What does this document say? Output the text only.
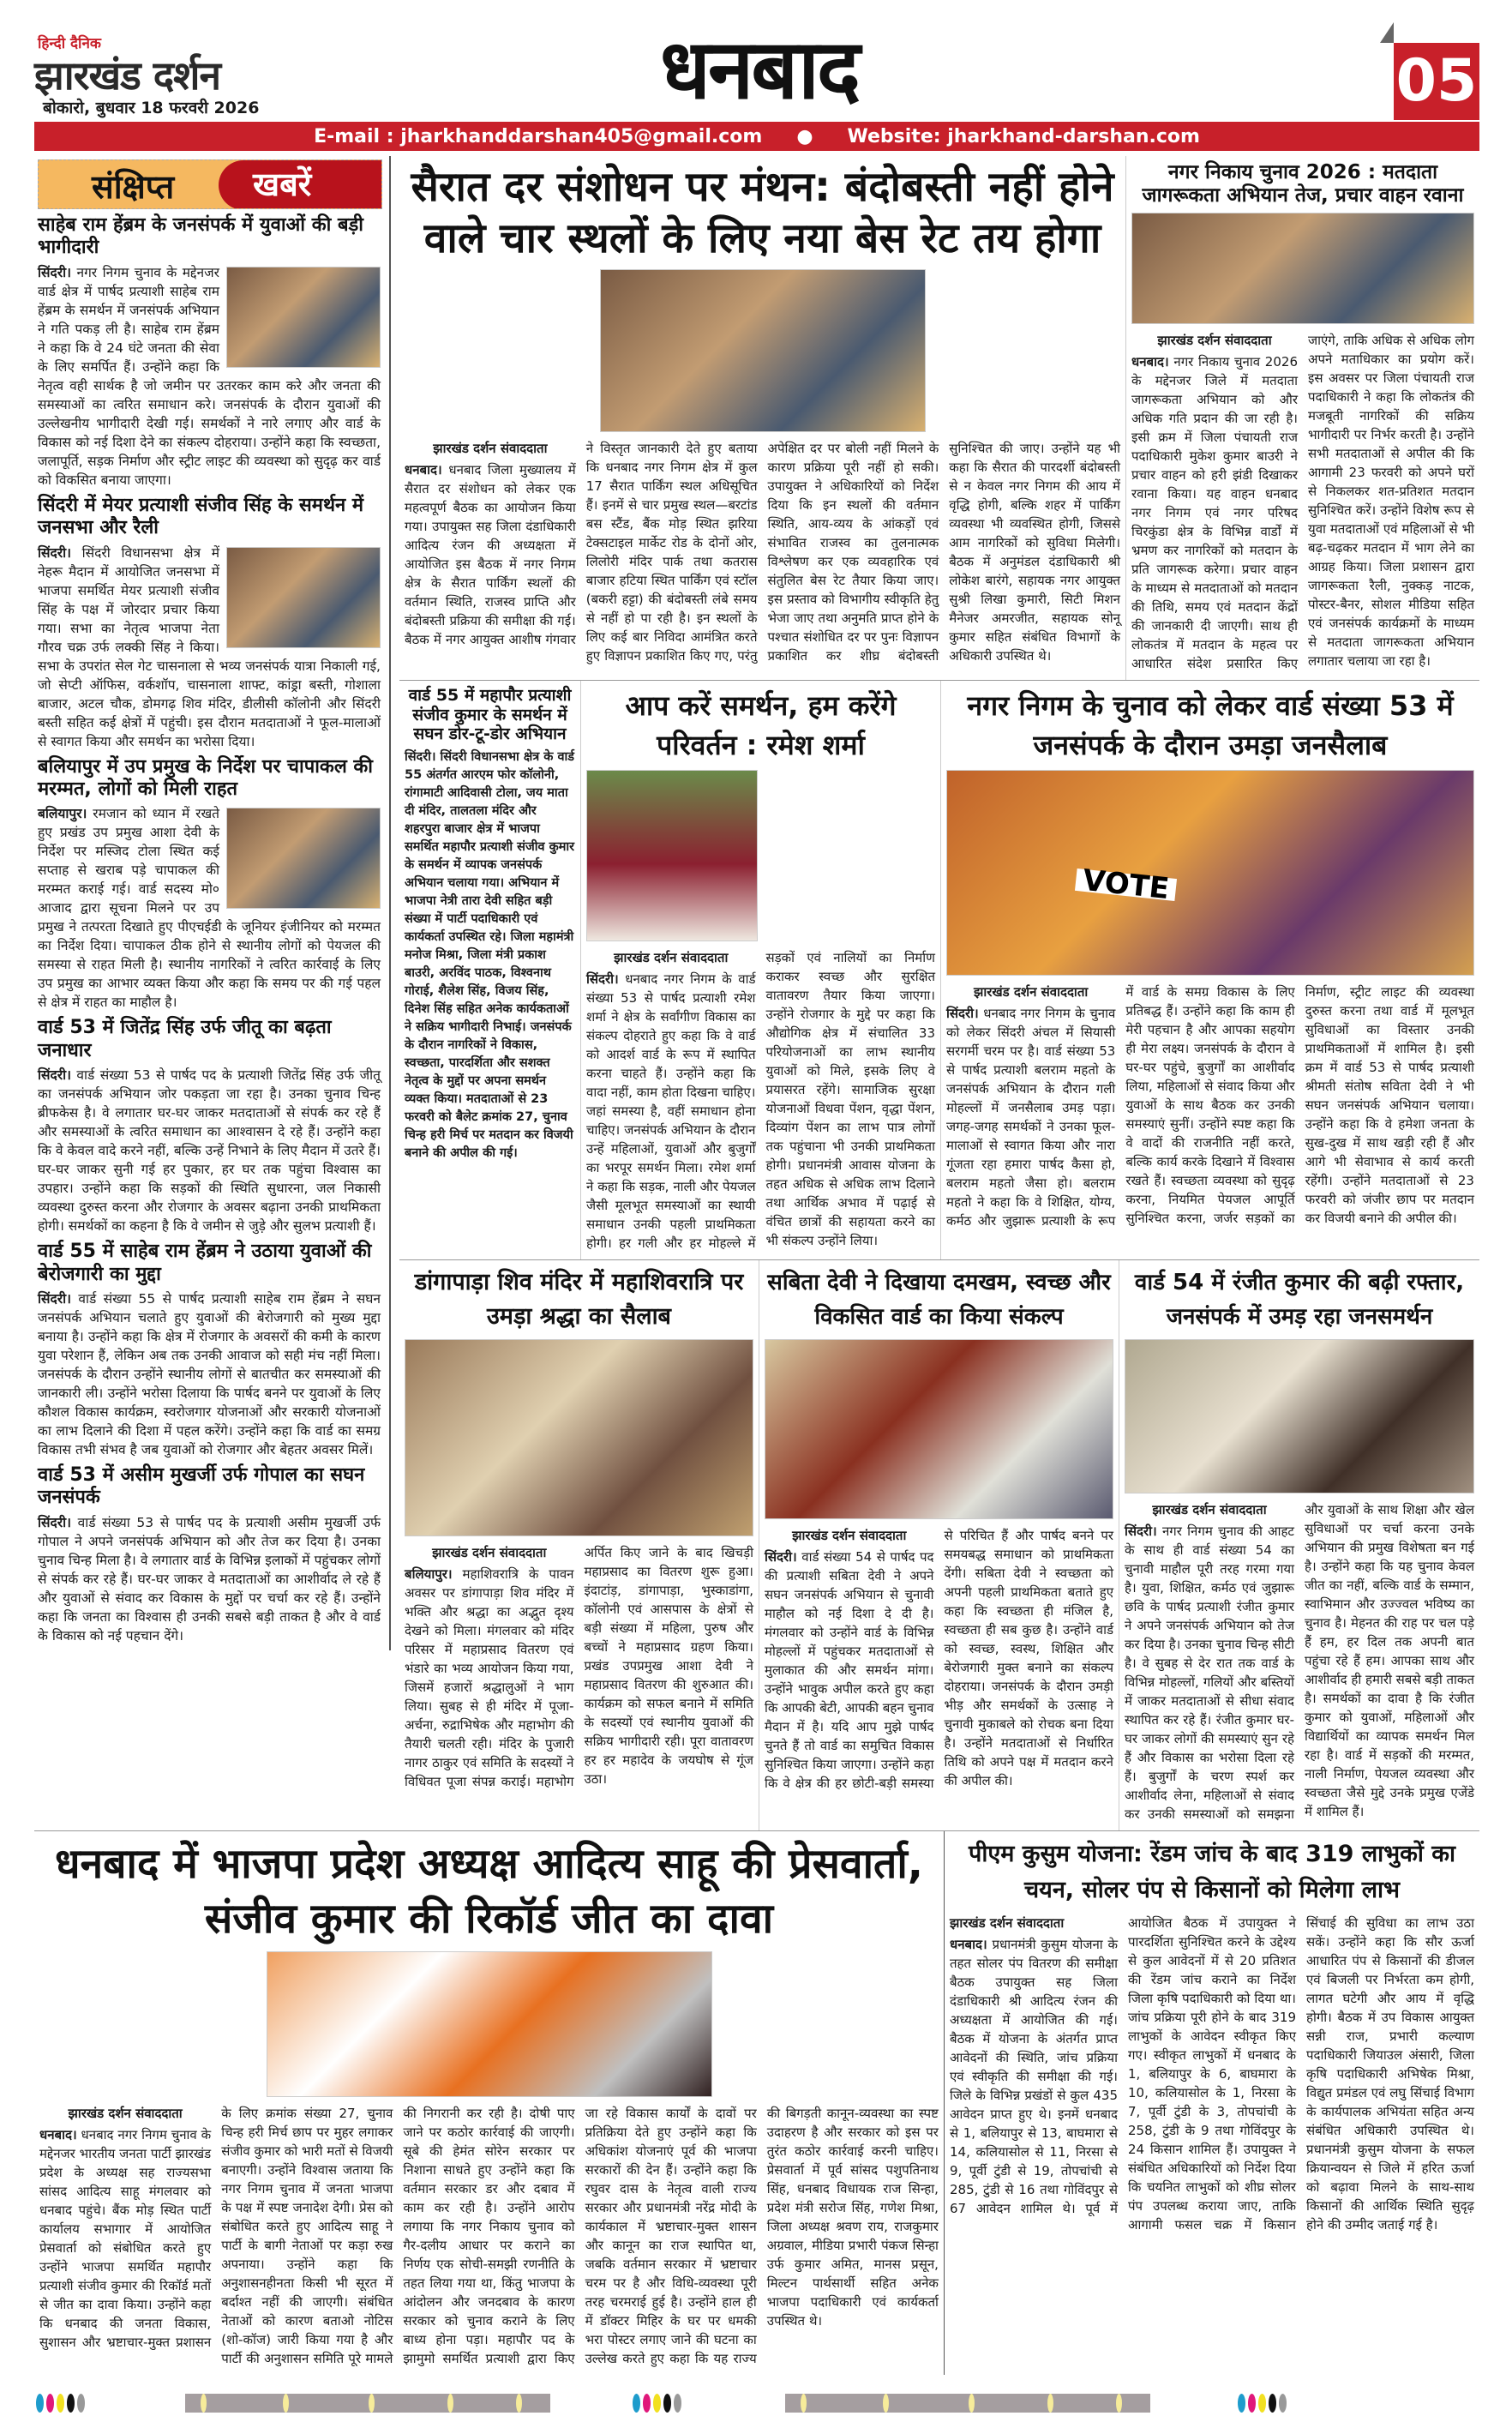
हिन्दी दैनिक
झारखंड दर्शन
बोकारो, बुधवार 18 फरवरी 2026	धनबाद	05
E-mail : jharkhanddarshan405@gmail.com ● Website: jharkhand-darshan.com
संक्षिप्त	खबरें
साहेब राम हेंब्रम के जनसंपर्क में युवाओं की बड़ी भागीदारी
सिंदरी। नगर निगम चुनाव के मद्देनजर वार्ड क्षेत्र में पार्षद प्रत्याशी साहेब राम हेंब्रम के समर्थन में जनसंपर्क अभियान ने गति पकड़ ली है। साहेब राम हेंब्रम ने कहा कि वे 24 घंटे जनता की सेवा के लिए समर्पित हैं। उन्होंने कहा कि नेतृत्व वही सार्थक है जो जमीन पर उतरकर काम करे और जनता की समस्याओं का त्वरित समाधान करे। जनसंपर्क के दौरान युवाओं की उल्लेखनीय भागीदारी देखी गई। समर्थकों ने नारे लगाए और वार्ड के विकास को नई दिशा देने का संकल्प दोहराया। उन्होंने कहा कि स्वच्छता, जलापूर्ति, सड़क निर्माण और स्ट्रीट लाइट की व्यवस्था को सुदृढ़ कर वार्ड को विकसित बनाया जाएगा।
सिंदरी में मेयर प्रत्याशी संजीव सिंह के समर्थन में जनसभा और रैली
सिंदरी। सिंदरी विधानसभा क्षेत्र में नेहरू मैदान में आयोजित जनसभा में भाजपा समर्थित मेयर प्रत्याशी संजीव सिंह के पक्ष में जोरदार प्रचार किया गया। सभा का नेतृत्व भाजपा नेता गौरव चक्र उर्फ लक्की सिंह ने किया। सभा के उपरांत सेल गेट चासनाला से भव्य जनसंपर्क यात्रा निकाली गई, जो सेप्टी ऑफिस, वर्कशॉप, चासनाला शाफ्ट, कांड्रा बस्ती, गोशाला बाजार, अटल चौक, डोमगढ़ शिव मंदिर, डीलीसी कॉलोनी और सिंदरी बस्ती सहित कई क्षेत्रों में पहुंची। इस दौरान मतदाताओं ने फूल-मालाओं से स्वागत किया और समर्थन का भरोसा दिया।
बलियापुर में उप प्रमुख के निर्देश पर चापाकल की मरम्मत, लोगों को मिली राहत
बलियापुर। रमजान को ध्यान में रखते हुए प्रखंड उप प्रमुख आशा देवी के निर्देश पर मस्जिद टोला स्थित कई सप्ताह से खराब पड़े चापाकल की मरम्मत कराई गई। वार्ड सदस्य मो० आजाद द्वारा सूचना मिलने पर उप प्रमुख ने तत्परता दिखाते हुए पीएचईडी के जूनियर इंजीनियर को मरम्मत का निर्देश दिया। चापाकल ठीक होने से स्थानीय लोगों को पेयजल की समस्या से राहत मिली है। स्थानीय नागरिकों ने त्वरित कार्रवाई के लिए उप प्रमुख का आभार व्यक्त किया और कहा कि समय पर की गई पहल से क्षेत्र में राहत का माहौल है।
वार्ड 53 में जितेंद्र सिंह उर्फ जीतू का बढ़ता जनाधार
सिंदरी। वार्ड संख्या 53 से पार्षद पद के प्रत्याशी जितेंद्र सिंह उर्फ जीतू का जनसंपर्क अभियान जोर पकड़ता जा रहा है। उनका चुनाव चिन्ह ब्रीफकेस है। वे लगातार घर-घर जाकर मतदाताओं से संपर्क कर रहे हैं और समस्याओं के त्वरित समाधान का आश्वासन दे रहे हैं। उन्होंने कहा कि वे केवल वादे करने नहीं, बल्कि उन्हें निभाने के लिए मैदान में उतरे हैं। घर-घर जाकर सुनी गई हर पुकार, हर घर तक पहुंचा विश्वास का उपहार। उन्होंने कहा कि सड़कों की स्थिति सुधारना, जल निकासी व्यवस्था दुरुस्त करना और रोजगार के अवसर बढ़ाना उनकी प्राथमिकता होगी। समर्थकों का कहना है कि वे जमीन से जुड़े और सुलभ प्रत्याशी हैं।
वार्ड 55 में साहेब राम हेंब्रम ने उठाया युवाओं की बेरोजगारी का मुद्दा
सिंदरी। वार्ड संख्या 55 से पार्षद प्रत्याशी साहेब राम हेंब्रम ने सघन जनसंपर्क अभियान चलाते हुए युवाओं की बेरोजगारी को मुख्य मुद्दा बनाया है। उन्होंने कहा कि क्षेत्र में रोजगार के अवसरों की कमी के कारण युवा परेशान हैं, लेकिन अब तक उनकी आवाज को सही मंच नहीं मिला। जनसंपर्क के दौरान उन्होंने स्थानीय लोगों से बातचीत कर समस्याओं की जानकारी ली। उन्होंने भरोसा दिलाया कि पार्षद बनने पर युवाओं के लिए कौशल विकास कार्यक्रम, स्वरोजगार योजनाओं और सरकारी योजनाओं का लाभ दिलाने की दिशा में पहल करेंगे। उन्होंने कहा कि वार्ड का समग्र विकास तभी संभव है जब युवाओं को रोजगार और बेहतर अवसर मिलें।
वार्ड 53 में असीम मुखर्जी उर्फ गोपाल का सघन जनसंपर्क
सिंदरी। वार्ड संख्या 53 से पार्षद पद के प्रत्याशी असीम मुखर्जी उर्फ गोपाल ने अपने जनसंपर्क अभियान को और तेज कर दिया है। उनका चुनाव चिन्ह मिला है। वे लगातार वार्ड के विभिन्न इलाकों में पहुंचकर लोगों से संपर्क कर रहे हैं। घर-घर जाकर वे मतदाताओं का आशीर्वाद ले रहे हैं और युवाओं से संवाद कर विकास के मुद्दों पर चर्चा कर रहे हैं। उन्होंने कहा कि जनता का विश्वास ही उनकी सबसे बड़ी ताकत है और वे वार्ड के विकास को नई पहचान देंगे।
सैरात दर संशोधन पर मंथन: बंदोबस्ती नहीं होने वाले चार स्थलों के लिए नया बेस रेट तय होगा
झारखंड दर्शन संवाददाता
धनबाद। धनबाद जिला मुख्यालय में सैरात दर संशोधन को लेकर एक महत्वपूर्ण बैठक का आयोजन किया गया। उपायुक्त सह जिला दंडाधिकारी आदित्य रंजन की अध्यक्षता में आयोजित इस बैठक में नगर निगम क्षेत्र के सैरात पार्किंग स्थलों की वर्तमान स्थिति, राजस्व प्राप्ति और बंदोबस्ती प्रक्रिया की समीक्षा की गई। बैठक में नगर आयुक्त आशीष गंगवार ने विस्तृत जानकारी देते हुए बताया कि धनबाद नगर निगम क्षेत्र में कुल 17 सैरात पार्किंग स्थल अधिसूचित हैं। इनमें से चार प्रमुख स्थल—बरटांड बस स्टैंड, बैंक मोड़ स्थित झरिया टेक्सटाइल मार्केट रोड के दोनों ओर, लिलोरी मंदिर पार्क तथा कतरास बाजार हटिया स्थित पार्किंग एवं स्टॉल (बकरी हट्टा) की बंदोबस्ती लंबे समय से नहीं हो पा रही है। इन स्थलों के लिए कई बार निविदा आमंत्रित करते हुए विज्ञापन प्रकाशित किए गए, परंतु अपेक्षित दर पर बोली नहीं मिलने के कारण प्रक्रिया पूरी नहीं हो सकी। उपायुक्त ने अधिकारियों को निर्देश दिया कि इन स्थलों की वर्तमान स्थिति, आय-व्यय के आंकड़ों एवं संभावित राजस्व का तुलनात्मक विश्लेषण कर एक व्यवहारिक एवं संतुलित बेस रेट तैयार किया जाए। इस प्रस्ताव को विभागीय स्वीकृति हेतु भेजा जाए तथा अनुमति प्राप्त होने के पश्चात संशोधित दर पर पुनः विज्ञापन प्रकाशित कर शीघ्र बंदोबस्ती सुनिश्चित की जाए। उन्होंने यह भी कहा कि सैरात की पारदर्शी बंदोबस्ती से न केवल नगर निगम की आय में वृद्धि होगी, बल्कि शहर में पार्किंग व्यवस्था भी व्यवस्थित होगी, जिससे आम नागरिकों को सुविधा मिलेगी। बैठक में अनुमंडल दंडाधिकारी श्री लोकेश बारंगे, सहायक नगर आयुक्त सुश्री लिखा कुमारी, सिटी मिशन मैनेजर अमरजीत, सहायक सोनू कुमार सहित संबंधित विभागों के अधिकारी उपस्थित थे।
नगर निकाय चुनाव 2026 : मतदाता जागरूकता अभियान तेज, प्रचार वाहन रवाना
झारखंड दर्शन संवाददाता
धनबाद। नगर निकाय चुनाव 2026 के मद्देनजर जिले में मतदाता जागरूकता अभियान को और अधिक गति प्रदान की जा रही है। इसी क्रम में जिला पंचायती राज पदाधिकारी मुकेश कुमार बाउरी ने प्रचार वाहन को हरी झंडी दिखाकर रवाना किया। यह वाहन धनबाद नगर निगम एवं नगर परिषद चिरकुंडा क्षेत्र के विभिन्न वार्डों में भ्रमण कर नागरिकों को मतदान के प्रति जागरूक करेगा। प्रचार वाहन के माध्यम से मतदाताओं को मतदान की तिथि, समय एवं मतदान केंद्रों की जानकारी दी जाएगी। साथ ही लोकतंत्र में मतदान के महत्व पर आधारित संदेश प्रसारित किए जाएंगे, ताकि अधिक से अधिक लोग अपने मताधिकार का प्रयोग करें। इस अवसर पर जिला पंचायती राज पदाधिकारी ने कहा कि लोकतंत्र की मजबूती नागरिकों की सक्रिय भागीदारी पर निर्भर करती है। उन्होंने सभी मतदाताओं से अपील की कि आगामी 23 फरवरी को अपने घरों से निकलकर शत-प्रतिशत मतदान सुनिश्चित करें। उन्होंने विशेष रूप से युवा मतदाताओं एवं महिलाओं से भी बढ़-चढ़कर मतदान में भाग लेने का आग्रह किया। जिला प्रशासन द्वारा जागरूकता रैली, नुक्कड़ नाटक, पोस्टर-बैनर, सोशल मीडिया सहित एवं जनसंपर्क कार्यक्रमों के माध्यम से मतदाता जागरूकता अभियान लगातार चलाया जा रहा है।
वार्ड 55 में महापौर प्रत्याशी संजीव कुमार के समर्थन में सघन डोर-टू-डोर अभियान
सिंदरी। सिंदरी विधानसभा क्षेत्र के वार्ड 55 अंतर्गत आरएम फोर कॉलोनी, रांगामाटी आदिवासी टोला, जय माता दी मंदिर, तालतला मंदिर और शहरपुरा बाजार क्षेत्र में भाजपा समर्थित महापौर प्रत्याशी संजीव कुमार के समर्थन में व्यापक जनसंपर्क अभियान चलाया गया। अभियान में भाजपा नेत्री तारा देवी सहित बड़ी संख्या में पार्टी पदाधिकारी एवं कार्यकर्ता उपस्थित रहे। जिला महामंत्री मनोज मिश्रा, जिला मंत्री प्रकाश बाउरी, अरविंद पाठक, विश्वनाथ गोराई, शैलेश सिंह, विजय सिंह, दिनेश सिंह सहित अनेक कार्यकताओं ने सक्रिय भागीदारी निभाई। जनसंपर्क के दौरान नागरिकों ने विकास, स्वच्छता, पारदर्शिता और सशक्त नेतृत्व के मुद्दों पर अपना समर्थन व्यक्त किया। मतदाताओं से 23 फरवरी को बैलेट क्रमांक 27, चुनाव चिन्ह हरी मिर्च पर मतदान कर विजयी बनाने की अपील की गई।
आप करें समर्थन, हम करेंगे परिवर्तन : रमेश शर्मा
झारखंड दर्शन संवाददाता
सिंदरी। धनबाद नगर निगम के वार्ड संख्या 53 से पार्षद प्रत्याशी रमेश शर्मा ने क्षेत्र के सर्वांगीण विकास का संकल्प दोहराते हुए कहा कि वे वार्ड को आदर्श वार्ड के रूप में स्थापित करना चाहते हैं। उन्होंने कहा कि वादा नहीं, काम होता दिखना चाहिए। जहां समस्या है, वहीं समाधान होना चाहिए। जनसंपर्क अभियान के दौरान उन्हें महिलाओं, युवाओं और बुजुर्गों का भरपूर समर्थन मिला। रमेश शर्मा ने कहा कि सड़क, नाली और पेयजल जैसी मूलभूत समस्याओं का स्थायी समाधान उनकी पहली प्राथमिकता होगी। हर गली और हर मोहल्ले में सड़कों एवं नालियों का निर्माण कराकर स्वच्छ और सुरक्षित वातावरण तैयार किया जाएगा। उन्होंने रोजगार के मुद्दे पर कहा कि औद्योगिक क्षेत्र में संचालित 33 परियोजनाओं का लाभ स्थानीय युवाओं को मिले, इसके लिए वे प्रयासरत रहेंगे। सामाजिक सुरक्षा योजनाओं विधवा पेंशन, वृद्धा पेंशन, दिव्यांग पेंशन का लाभ पात्र लोगों तक पहुंचाना भी उनकी प्राथमिकता होगी। प्रधानमंत्री आवास योजना के तहत अधिक से अधिक लाभ दिलाने तथा आर्थिक अभाव में पढ़ाई से वंचित छात्रों की सहायता करने का भी संकल्प उन्होंने लिया।
नगर निगम के चुनाव को लेकर वार्ड संख्या 53 में जनसंपर्क के दौरान उमड़ा जनसैलाब
VOTE
झारखंड दर्शन संवाददाता
सिंदरी। धनबाद नगर निगम के चुनाव को लेकर सिंदरी अंचल में सियासी सरगर्मी चरम पर है। वार्ड संख्या 53 से पार्षद प्रत्याशी बलराम महतो के जनसंपर्क अभियान के दौरान गली मोहल्लों में जनसैलाब उमड़ पड़ा। जगह-जगह समर्थकों ने उनका फूल-मालाओं से स्वागत किया और नारा गूंजता रहा हमारा पार्षद कैसा हो, बलराम महतो जैसा हो। बलराम महतो ने कहा कि वे शिक्षित, योग्य, कर्मठ और जुझारू प्रत्याशी के रूप में वार्ड के समग्र विकास के लिए प्रतिबद्ध हैं। उन्होंने कहा कि काम ही मेरी पहचान है और आपका सहयोग ही मेरा लक्ष्य। जनसंपर्क के दौरान वे घर-घर पहुंचे, बुजुर्गों का आशीर्वाद लिया, महिलाओं से संवाद किया और युवाओं के साथ बैठक कर उनकी समस्याएं सुनीं। उन्होंने स्पष्ट कहा कि वे वादों की राजनीति नहीं करते, बल्कि कार्य करके दिखाने में विश्वास रखते हैं। स्वच्छता व्यवस्था को सुदृढ़ करना, नियमित पेयजल आपूर्ति सुनिश्चित करना, जर्जर सड़कों का निर्माण, स्ट्रीट लाइट की व्यवस्था दुरुस्त करना तथा वार्ड में मूलभूत सुविधाओं का विस्तार उनकी प्राथमिकताओं में शामिल है। इसी क्रम में वार्ड 53 से पार्षद प्रत्याशी श्रीमती संतोष सविता देवी ने भी सघन जनसंपर्क अभियान चलाया। उन्होंने कहा कि वे हमेशा जनता के सुख-दुख में साथ खड़ी रही हैं और आगे भी सेवाभाव से कार्य करती रहेंगी। उन्होंने मतदाताओं से 23 फरवरी को जंजीर छाप पर मतदान कर विजयी बनाने की अपील की।
डांगापाड़ा शिव मंदिर में महाशिवरात्रि पर उमड़ा श्रद्धा का सैलाब
झारखंड दर्शन संवाददाता
बलियापुर। महाशिवरात्रि के पावन अवसर पर डांगापाड़ा शिव मंदिर में भक्ति और श्रद्धा का अद्भुत दृश्य देखने को मिला। मंगलवार को मंदिर परिसर में महाप्रसाद वितरण एवं भंडारे का भव्य आयोजन किया गया, जिसमें हजारों श्रद्धालुओं ने भाग लिया। सुबह से ही मंदिर में पूजा-अर्चना, रुद्राभिषेक और महाभोग की तैयारी चलती रही। मंदिर के पुजारी नागर ठाकुर एवं समिति के सदस्यों ने विधिवत पूजा संपन्न कराई। महाभोग अर्पित किए जाने के बाद खिचड़ी महाप्रसाद का वितरण शुरू हुआ। इंदाटांड़, डांगापाड़ा, भुस्काडांगा, कॉलोनी एवं आसपास के क्षेत्रों से बड़ी संख्या में महिला, पुरुष और बच्चों ने महाप्रसाद ग्रहण किया। प्रखंड उपप्रमुख आशा देवी ने महाप्रसाद वितरण की शुरुआत की। कार्यक्रम को सफल बनाने में समिति के सदस्यों एवं स्थानीय युवाओं की सक्रिय भागीदारी रही। पूरा वातावरण हर हर महादेव के जयघोष से गूंज उठा।
सबिता देवी ने दिखाया दमखम, स्वच्छ और विकसित वार्ड का किया संकल्प
झारखंड दर्शन संवाददाता
सिंदरी। वार्ड संख्या 54 से पार्षद पद की प्रत्याशी सबिता देवी ने अपने सघन जनसंपर्क अभियान से चुनावी माहौल को नई दिशा दे दी है। मंगलवार को उन्होंने वार्ड के विभिन्न मोहल्लों में पहुंचकर मतदाताओं से मुलाकात की और समर्थन मांगा। उन्होंने भावुक अपील करते हुए कहा कि आपकी बेटी, आपकी बहन चुनाव मैदान में है। यदि आप मुझे पार्षद चुनते हैं तो वार्ड का समुचित विकास सुनिश्चित किया जाएगा। उन्होंने कहा कि वे क्षेत्र की हर छोटी-बड़ी समस्या से परिचित हैं और पार्षद बनने पर समयबद्ध समाधान को प्राथमिकता देंगी। सबिता देवी ने स्वच्छता को अपनी पहली प्राथमिकता बताते हुए कहा कि स्वच्छता ही मंजिल है, स्वच्छता ही सब कुछ है। उन्होंने वार्ड को स्वच्छ, स्वस्थ, शिक्षित और बेरोजगारी मुक्त बनाने का संकल्प दोहराया। जनसंपर्क के दौरान उमड़ी भीड़ और समर्थकों के उत्साह ने चुनावी मुकाबले को रोचक बना दिया है। उन्होंने मतदाताओं से निर्धारित तिथि को अपने पक्ष में मतदान करने की अपील की।
वार्ड 54 में रंजीत कुमार की बढ़ी रफ्तार, जनसंपर्क में उमड़ रहा जनसमर्थन
झारखंड दर्शन संवाददाता
सिंदरी। नगर निगम चुनाव की आहट के साथ ही वार्ड संख्या 54 का चुनावी माहौल पूरी तरह गरमा गया है। युवा, शिक्षित, कर्मठ एवं जुझारू छवि के पार्षद प्रत्याशी रंजीत कुमार ने अपने जनसंपर्क अभियान को तेज कर दिया है। उनका चुनाव चिन्ह सीटी है। वे सुबह से देर रात तक वार्ड के विभिन्न मोहल्लों, गलियों और बस्तियों में जाकर मतदाताओं से सीधा संवाद स्थापित कर रहे हैं। रंजीत कुमार घर-घर जाकर लोगों की समस्याएं सुन रहे हैं और विकास का भरोसा दिला रहे हैं। बुजुर्गों के चरण स्पर्श कर आशीर्वाद लेना, महिलाओं से संवाद कर उनकी समस्याओं को समझना और युवाओं के साथ शिक्षा और खेल सुविधाओं पर चर्चा करना उनके अभियान की प्रमुख विशेषता बन गई है। उन्होंने कहा कि यह चुनाव केवल जीत का नहीं, बल्कि वार्ड के सम्मान, स्वाभिमान और उज्ज्वल भविष्य का चुनाव है। मेहनत की राह पर चल पड़े हैं हम, हर दिल तक अपनी बात पहुंचा रहे हैं हम। आपका साथ और आशीर्वाद ही हमारी सबसे बड़ी ताकत है। समर्थकों का दावा है कि रंजीत कुमार को युवाओं, महिलाओं और विद्यार्थियों का व्यापक समर्थन मिल रहा है। वार्ड में सड़कों की मरम्मत, नाली निर्माण, पेयजल व्यवस्था और स्वच्छता जैसे मुद्दे उनके प्रमुख एजेंडे में शामिल हैं।
धनबाद में भाजपा प्रदेश अध्यक्ष आदित्य साहू की प्रेसवार्ता, संजीव कुमार की रिकॉर्ड जीत का दावा
झारखंड दर्शन संवाददाता
धनबाद। धनबाद नगर निगम चुनाव के मद्देनजर भारतीय जनता पार्टी झारखंड प्रदेश के अध्यक्ष सह राज्यसभा सांसद आदित्य साहू मंगलवार को धनबाद पहुंचे। बैंक मोड़ स्थित पार्टी कार्यालय सभागार में आयोजित प्रेसवार्ता को संबोधित करते हुए उन्होंने भाजपा समर्थित महापौर प्रत्याशी संजीव कुमार की रिकॉर्ड मतों से जीत का दावा किया। उन्होंने कहा कि धनबाद की जनता विकास, सुशासन और भ्रष्टाचार-मुक्त प्रशासन के लिए क्रमांक संख्या 27, चुनाव चिन्ह हरी मिर्च छाप पर मुहर लगाकर संजीव कुमार को भारी मतों से विजयी बनाएगी। उन्होंने विश्वास जताया कि नगर निगम चुनाव में जनता भाजपा के पक्ष में स्पष्ट जनादेश देगी। प्रेस को संबोधित करते हुए आदित्य साहू ने पार्टी के बागी नेताओं पर कड़ा रुख अपनाया। उन्होंने कहा कि अनुशासनहीनता किसी भी सूरत में बर्दाश्त नहीं की जाएगी। संबंधित नेताओं को कारण बताओ नोटिस (शो-कॉज) जारी किया गया है और पार्टी की अनुशासन समिति पूरे मामले की निगरानी कर रही है। दोषी पाए जाने पर कठोर कार्रवाई की जाएगी। सूबे की हेमंत सोरेन सरकार पर निशाना साधते हुए उन्होंने कहा कि वर्तमान सरकार डर और दबाव में काम कर रही है। उन्होंने आरोप लगाया कि नगर निकाय चुनाव को गैर-दलीय आधार पर कराने का निर्णय एक सोची-समझी रणनीति के तहत लिया गया था, किंतु भाजपा के आंदोलन और जनदबाव के कारण सरकार को चुनाव कराने के लिए बाध्य होना पड़ा। महापौर पद के झामुमो समर्थित प्रत्याशी द्वारा किए जा रहे विकास कार्यों के दावों पर प्रतिक्रिया देते हुए उन्होंने कहा कि अधिकांश योजनाएं पूर्व की भाजपा सरकारों की देन हैं। उन्होंने कहा कि रघुवर दास के नेतृत्व वाली राज्य सरकार और प्रधानमंत्री नरेंद्र मोदी के कार्यकाल में भ्रष्टाचार-मुक्त शासन और कानून का राज स्थापित था, जबकि वर्तमान सरकार में भ्रष्टाचार चरम पर है और विधि-व्यवस्था पूरी तरह चरमराई हुई है। उन्होंने हाल ही में डॉक्टर मिहिर के घर पर धमकी भरा पोस्टर लगाए जाने की घटना का उल्लेख करते हुए कहा कि यह राज्य की बिगड़ती कानून-व्यवस्था का स्पष्ट उदाहरण है और सरकार को इस पर तुरंत कठोर कार्रवाई करनी चाहिए। प्रेसवार्ता में पूर्व सांसद पशुपतिनाथ सिंह, धनबाद विधायक राज सिन्हा, प्रदेश मंत्री सरोज सिंह, गणेश मिश्रा, जिला अध्यक्ष श्रवण राय, राजकुमार अग्रवाल, मीडिया प्रभारी पंकज सिन्हा उर्फ कुमार अमित, मानस प्रसून, मिल्टन पार्थसार्थी सहित अनेक भाजपा पदाधिकारी एवं कार्यकर्ता उपस्थित थे।
पीएम कुसुम योजना: रेंडम जांच के बाद 319 लाभुकों का चयन, सोलर पंप से किसानों को मिलेगा लाभ
झारखंड दर्शन संवाददाता
धनबाद। प्रधानमंत्री कुसुम योजना के तहत सोलर पंप वितरण की समीक्षा बैठक उपायुक्त सह जिला दंडाधिकारी श्री आदित्य रंजन की अध्यक्षता में आयोजित की गई। बैठक में योजना के अंतर्गत प्राप्त आवेदनों की स्थिति, जांच प्रक्रिया एवं स्वीकृति की समीक्षा की गई। जिले के विभिन्न प्रखंडों से कुल 435 आवेदन प्राप्त हुए थे। इनमें धनबाद से 1, बलियापुर से 13, बाघमारा से 14, कलियासोल से 11, निरसा से 9, पूर्वी टुंडी से 19, तोपचांची से 285, टुंडी से 16 तथा गोविंदपुर से 67 आवेदन शामिल थे। पूर्व में आयोजित बैठक में उपायुक्त ने पारदर्शिता सुनिश्चित करने के उद्देश्य से कुल आवेदनों में से 20 प्रतिशत की रेंडम जांच कराने का निर्देश जिला कृषि पदाधिकारी को दिया था। जांच प्रक्रिया पूरी होने के बाद 319 लाभुकों के आवेदन स्वीकृत किए गए। स्वीकृत लाभुकों में धनबाद के 1, बलियापुर के 6, बाघमारा के 10, कलियासोल के 1, निरसा के 7, पूर्वी टुंडी के 3, तोपचांची के 258, टुंडी के 9 तथा गोविंदपुर के 24 किसान शामिल हैं। उपायुक्त ने संबंधित अधिकारियों को निर्देश दिया कि चयनित लाभुकों को शीघ्र सोलर पंप उपलब्ध कराया जाए, ताकि आगामी फसल चक्र में किसान सिंचाई की सुविधा का लाभ उठा सकें। उन्होंने कहा कि सौर ऊर्जा आधारित पंप से किसानों की डीजल एवं बिजली पर निर्भरता कम होगी, लागत घटेगी और आय में वृद्धि होगी। बैठक में उप विकास आयुक्त सन्नी राज, प्रभारी कल्याण पदाधिकारी जियाउल अंसारी, जिला कृषि पदाधिकारी अभिषेक मिश्रा, विद्युत प्रमंडल एवं लघु सिंचाई विभाग के कार्यपालक अभियंता सहित अन्य संबंधित अधिकारी उपस्थित थे। प्रधानमंत्री कुसुम योजना के सफल क्रियान्वयन से जिले में हरित ऊर्जा को बढ़ावा मिलने के साथ-साथ किसानों की आर्थिक स्थिति सुदृढ़ होने की उम्मीद जताई गई है।
